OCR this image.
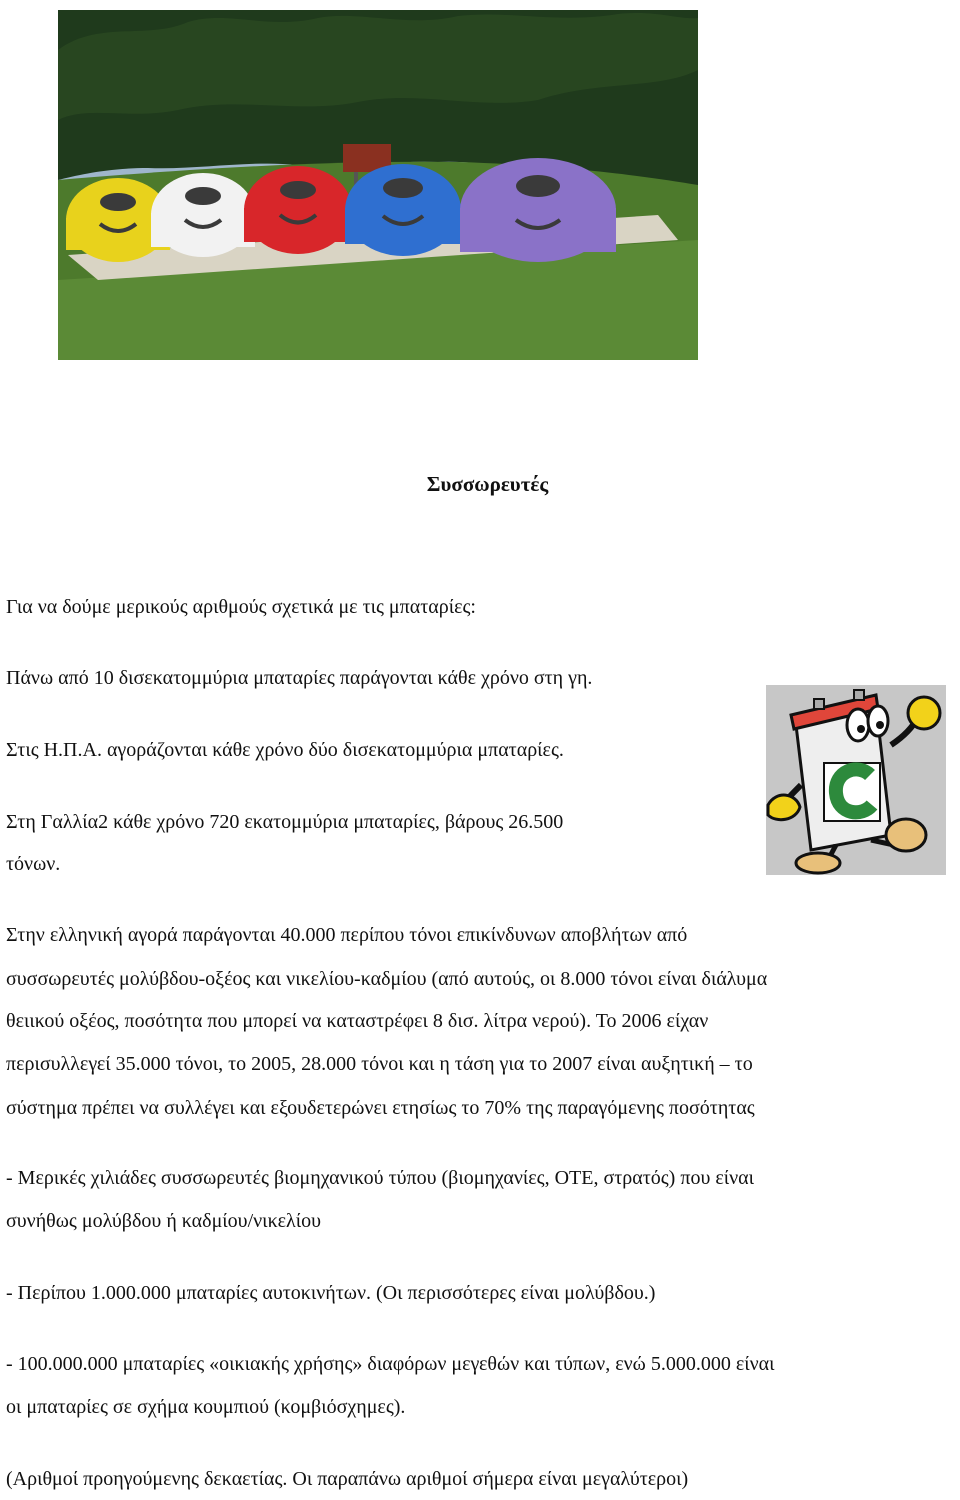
Συσσωρευτές

Για να δούμε μερικούς αριθμούς σχετικά με τις μπαταρίες:

Πάνω από 10 δισεκατομμύρια μπαταρίες παράγονται κάθε χρόνο στη γη.

Στις Η.Π.Α. αγοράζονται κάθε χρόνο δύο δισεκατομμύρια μπαταρίες.

Στη Γαλλία2 κάθε χρόνο 720 εκατομμύρια μπαταρίες, βάρους 26.500

τόνων.

Στην ελληνική αγορά παράγονται 40.000 περίπου τόνοι επικίνδυνων αποβλήτων από

συσσωρευτές μολύβδου-οξέος και νικελίου-καδμίου (από αυτούς, οι 8.000 τόνοι είναι διάλυμα

θειικού οξέος, ποσότητα που μπορεί να καταστρέφει 8 δισ. λίτρα νερού). Το 2006 είχαν

περισυλλεγεί 35.000 τόνοι, το 2005, 28.000 τόνοι και η τάση για το 2007 είναι αυξητική – το

σύστημα πρέπει να συλλέγει και εξουδετερώνει ετησίως το 70% της παραγόμενης ποσότητας

- Μερικές χιλιάδες συσσωρευτές βιομηχανικού τύπου (βιομηχανίες, ΟΤΕ, στρατός) που είναι

συνήθως μολύβδου ή καδμίου/νικελίου

- Περίπου 1.000.000 μπαταρίες αυτοκινήτων. (Οι περισσότερες είναι μολύβδου.)

- 100.000.000 μπαταρίες «οικιακής χρήσης» διαφόρων μεγεθών και τύπων, ενώ 5.000.000 είναι

οι μπαταρίες σε σχήμα κουμπιού (κομβιόσχημες).

(Αριθμοί προηγούμενης δεκαετίας. Οι παραπάνω αριθμοί σήμερα είναι μεγαλύτεροι)
